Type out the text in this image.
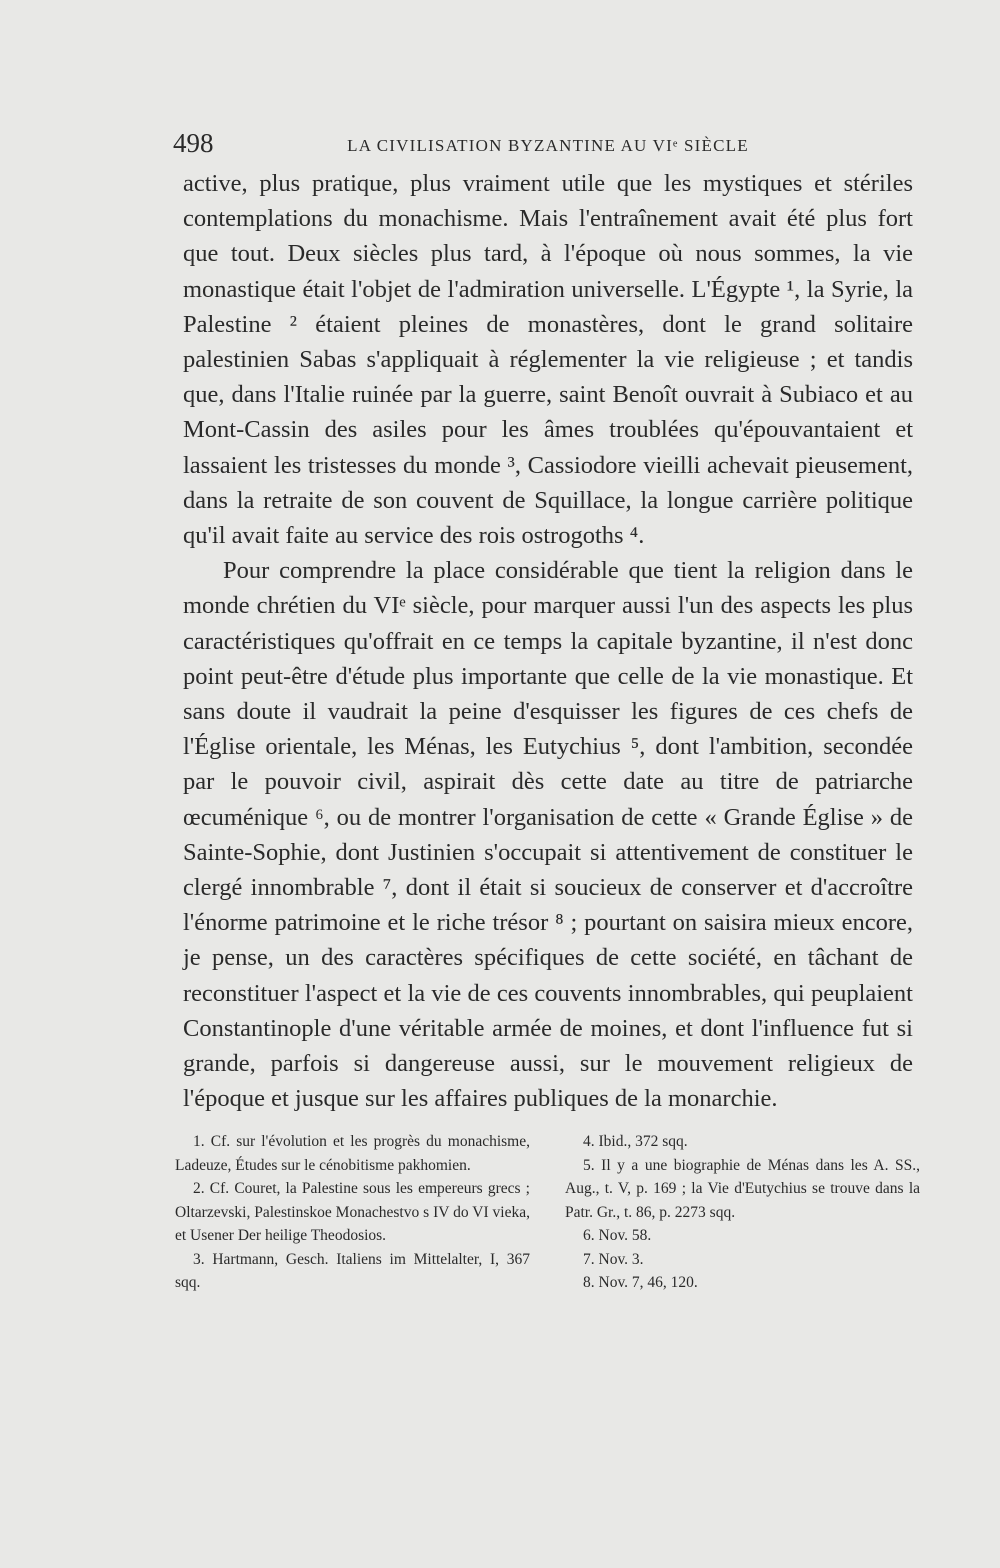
498	LA CIVILISATION BYZANTINE AU VIᵉ SIÈCLE

active, plus pratique, plus vraiment utile que les mystiques et stériles contemplations du monachisme. Mais l'entraînement avait été plus fort que tout. Deux siècles plus tard, à l'époque où nous sommes, la vie monastique était l'objet de l'admiration universelle. L'Égypte ¹, la Syrie, la Palestine ² étaient pleines de monastères, dont le grand solitaire palestinien Sabas s'appliquait à réglementer la vie religieuse ; et tandis que, dans l'Italie ruinée par la guerre, saint Benoît ouvrait à Subiaco et au Mont-Cassin des asiles pour les âmes troublées qu'épouvantaient et lassaient les tristesses du monde ³, Cassiodore vieilli achevait pieusement, dans la retraite de son couvent de Squillace, la longue carrière politique qu'il avait faite au service des rois ostrogoths ⁴.

Pour comprendre la place considérable que tient la religion dans le monde chrétien du VIᵉ siècle, pour marquer aussi l'un des aspects les plus caractéristiques qu'offrait en ce temps la capitale byzantine, il n'est donc point peut-être d'étude plus importante que celle de la vie monastique. Et sans doute il vaudrait la peine d'esquisser les figures de ces chefs de l'Église orientale, les Ménas, les Eutychius ⁵, dont l'ambition, secondée par le pouvoir civil, aspirait dès cette date au titre de patriarche œcuménique ⁶, ou de montrer l'organisation de cette « Grande Église » de Sainte-Sophie, dont Justinien s'occupait si attentivement de constituer le clergé innombrable ⁷, dont il était si soucieux de conserver et d'accroître l'énorme patrimoine et le riche trésor ⁸ ; pourtant on saisira mieux encore, je pense, un des caractères spécifiques de cette société, en tâchant de reconstituer l'aspect et la vie de ces couvents innombrables, qui peuplaient Constantinople d'une véritable armée de moines, et dont l'influence fut si grande, parfois si dangereuse aussi, sur le mouvement religieux de l'époque et jusque sur les affaires publiques de la monarchie.

1. Cf. sur l'évolution et les progrès du monachisme, Ladeuze, Études sur le cénobitisme pakhomien.

2. Cf. Couret, la Palestine sous les empereurs grecs ; Oltarzevski, Palestinskoe Monachestvo s IV do VI vieka, et Usener Der heilige Theodosios.

3. Hartmann, Gesch. Italiens im Mittelalter, I, 367 sqq.

4. Ibid., 372 sqq.

5. Il y a une biographie de Ménas dans les A. SS., Aug., t. V, p. 169 ; la Vie d'Eutychius se trouve dans la Patr. Gr., t. 86, p. 2273 sqq.

6. Nov. 58.

7. Nov. 3.

8. Nov. 7, 46, 120.
